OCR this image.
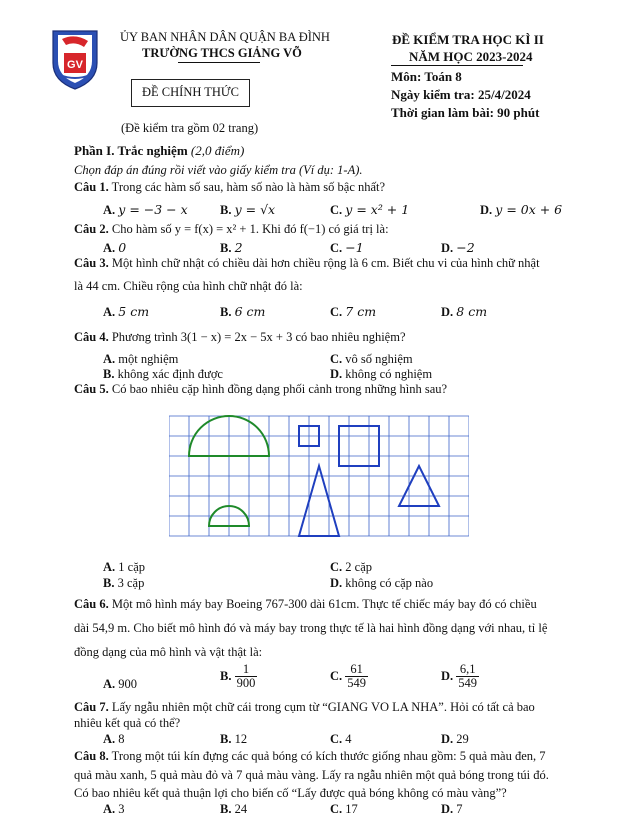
GV
ỦY BAN NHÂN DÂN QUẬN BA ĐÌNH
TRƯỜNG THCS GIẢNG VÕ
ĐỀ CHÍNH THỨC
(Đề kiểm tra gồm 02 trang)
ĐỀ KIỂM TRA HỌC KÌ II
NĂM HỌC 2023-2024
Môn: Toán 8
Ngày kiểm tra: 25/4/2024
Thời gian làm bài: 90 phút
Phần I. Trắc nghiệm (2,0 điểm)
Chọn đáp án đúng rồi viết vào giấy kiểm tra (Ví dụ: 1-A).
Câu 1. Trong các hàm số sau, hàm số nào là hàm số bậc nhất?
A. y = −3 − x	B. y = √x	C. y = x² + 1	D. y = 0x + 6
Câu 2. Cho hàm số y = f(x) = x² + 1. Khi đó f(−1) có giá trị là:
A. 0	B. 2	C. −1	D. −2
Câu 3. Một hình chữ nhật có chiều dài hơn chiều rộng là 6 cm. Biết chu vi của hình chữ nhật
là 44 cm. Chiều rộng của hình chữ nhật đó là:
A. 5 cm	B. 6 cm	C. 7 cm	D. 8 cm
Câu 4. Phương trình 3(1 − x) = 2x − 5x + 3 có bao nhiêu nghiệm?
A. một nghiệm	C. vô số nghiệm
B. không xác định được	D. không có nghiệm
Câu 5. Có bao nhiêu cặp hình đồng dạng phối cảnh trong những hình sau?
A. 1 cặp	C. 2 cặp
B. 3 cặp	D. không có cặp nào
Câu 6. Một mô hình máy bay Boeing 767-300 dài 61cm. Thực tế chiếc máy bay đó có chiều
dài 54,9 m. Cho biết mô hình đó và máy bay trong thực tế là hai hình đồng dạng với nhau, tỉ lệ
đồng dạng của mô hình và vật thật là:
A. 900
B. $\frac{1}{900}$	C. $\frac{61}{549}$	D. $\frac{6,1}{549}$
Câu 7. Lấy ngẫu nhiên một chữ cái trong cụm từ “GIANG VO LA NHA”. Hỏi có tất cả bao
nhiêu kết quả có thể?
A. 8	B. 12	C. 4	D. 29
Câu 8. Trong một túi kín đựng các quả bóng có kích thước giống nhau gồm: 5 quả màu đen, 7
quả màu xanh, 5 quả màu đỏ và 7 quả màu vàng. Lấy ra ngẫu nhiên một quả bóng trong túi đó.
Có bao nhiêu kết quả thuận lợi cho biến cố “Lấy được quả bóng không có màu vàng”?
A. 3	B. 24	C. 17	D. 7
